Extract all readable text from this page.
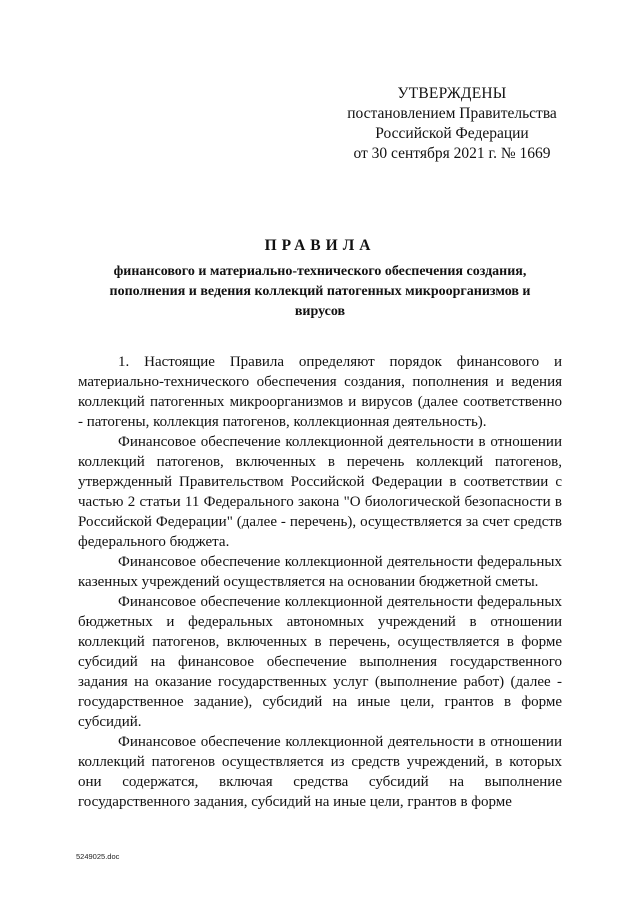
УТВЕРЖДЕНЫ
постановлением Правительства
Российской Федерации
от 30 сентября 2021 г. № 1669
ПРАВИЛА
финансового и материально-технического обеспечения создания, пополнения и ведения коллекций патогенных микроорганизмов и вирусов

1. Настоящие Правила определяют порядок финансового и материально-технического обеспечения создания, пополнения и ведения коллекций патогенных микроорганизмов и вирусов (далее соответственно - патогены, коллекция патогенов, коллекционная деятельность).

Финансовое обеспечение коллекционной деятельности в отношении коллекций патогенов, включенных в перечень коллекций патогенов, утвержденный Правительством Российской Федерации в соответствии с частью 2 статьи 11 Федерального закона "О биологической безопасности в Российской Федерации" (далее - перечень), осуществляется за счет средств федерального бюджета.

Финансовое обеспечение коллекционной деятельности федеральных казенных учреждений осуществляется на основании бюджетной сметы.

Финансовое обеспечение коллекционной деятельности федеральных бюджетных и федеральных автономных учреждений в отношении коллекций патогенов, включенных в перечень, осуществляется в форме субсидий на финансовое обеспечение выполнения государственного задания на оказание государственных услуг (выполнение работ) (далее - государственное задание), субсидий на иные цели, грантов в форме субсидий.

Финансовое обеспечение коллекционной деятельности в отношении коллекций патогенов осуществляется из средств учреждений, в которых они содержатся, включая средства субсидий на выполнение государственного задания, субсидий на иные цели, грантов в форме

5249025.doc
